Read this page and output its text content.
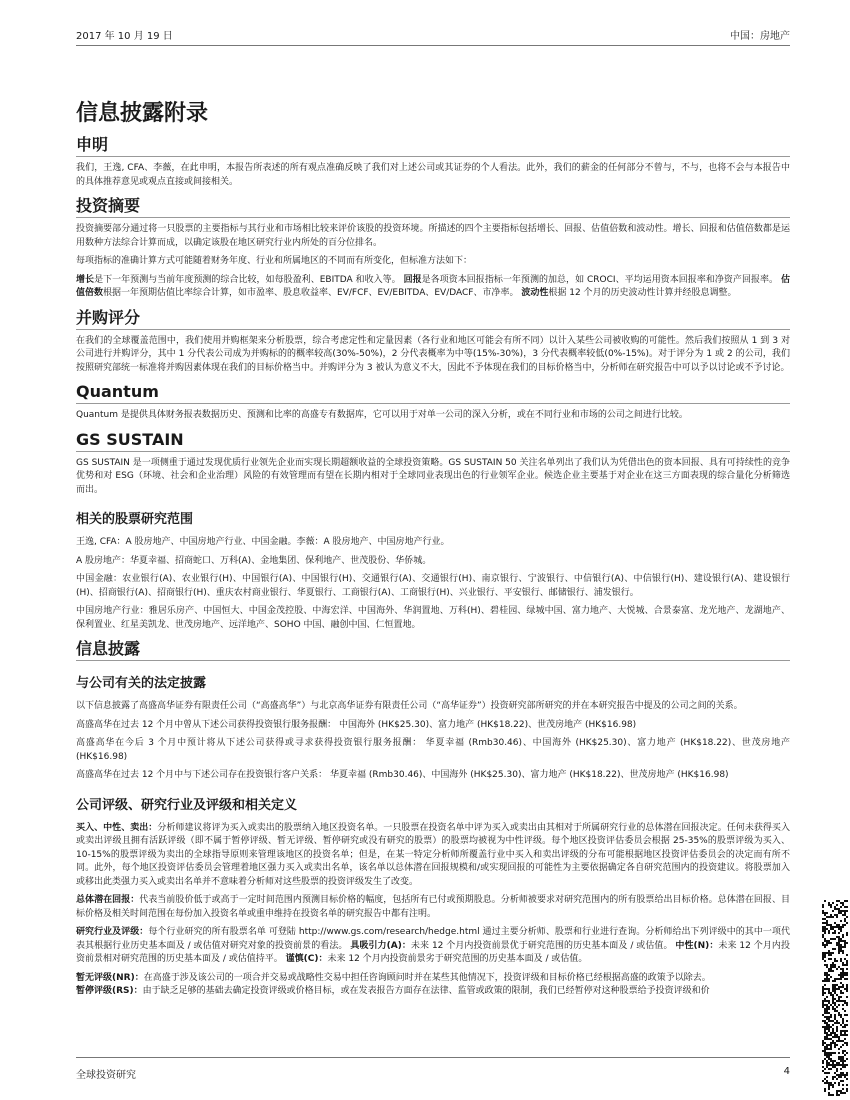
2017 年 10 月 19 日	中国：房地产
信息披露附录
申明

我们，王逸, CFA、李薇，在此申明，本报告所表述的所有观点准确反映了我们对上述公司或其证券的个人看法。此外，我们的薪金的任何部分不曾与，不与，也将不会与本报告中的具体推荐意见或观点直接或间接相关。

投资摘要

投资摘要部分通过将一只股票的主要指标与其行业和市场相比较来评价该股的投资环境。所描述的四个主要指标包括增长、回报、估值倍数和波动性。增长、回报和估值倍数都是运用数种方法综合计算而成，以确定该股在地区研究行业内所处的百分位排名。

每项指标的准确计算方式可能随着财务年度、行业和所属地区的不同而有所变化，但标准方法如下：

增长是下一年预测与当前年度预测的综合比较，如每股盈利、EBITDA 和收入等。 回报是各项资本回报指标一年预测的加总，如 CROCI、平均运用资本回报率和净资产回报率。 估值倍数根据一年预期估值比率综合计算，如市盈率、股息收益率、EV/FCF、EV/EBITDA、EV/DACF、市净率。 波动性根据 12 个月的历史波动性计算并经股息调整。

并购评分

在我们的全球覆盖范围中，我们使用并购框架来分析股票，综合考虑定性和定量因素（各行业和地区可能会有所不同）以计入某些公司被收购的可能性。然后我们按照从 1 到 3 对公司进行并购评分，其中 1 分代表公司成为并购标的的概率较高(30%-50%)，2 分代表概率为中等(15%-30%)，3 分代表概率较低(0%-15%)。对于评分为 1 或 2 的公司，我们按照研究部统一标准将并购因素体现在我们的目标价格当中。并购评分为 3 被认为意义不大，因此不予体现在我们的目标价格当中，分析师在研究报告中可以予以讨论或不予讨论。

Quantum

Quantum 是提供具体财务报表数据历史、预测和比率的高盛专有数据库，它可以用于对单一公司的深入分析，或在不同行业和市场的公司之间进行比较。

GS SUSTAIN

GS SUSTAIN 是一项侧重于通过发现优质行业领先企业而实现长期超额收益的全球投资策略。GS SUSTAIN 50 关注名单列出了我们认为凭借出色的资本回报、具有可持续性的竞争优势和对 ESG（环境、社会和企业治理）风险的有效管理而有望在长期内相对于全球同业表现出色的行业领军企业。候选企业主要基于对企业在这三方面表现的综合量化分析筛选而出。

相关的股票研究范围

王逸, CFA：A 股房地产、中国房地产行业、中国金融。李薇：A 股房地产、中国房地产行业。

A 股房地产：华夏幸福、招商蛇口、万科(A)、金地集团、保利地产、世茂股份、华侨城。

中国金融：农业银行(A)、农业银行(H)、中国银行(A)、中国银行(H)、交通银行(A)、交通银行(H)、南京银行、宁波银行、中信银行(A)、中信银行(H)、建设银行(A)、建设银行(H)、招商银行(A)、招商银行(H)、重庆农村商业银行、华夏银行、工商银行(A)、工商银行(H)、兴业银行、平安银行、邮储银行、浦发银行。

中国房地产行业：雅居乐房产、中国恒大、中国金茂控股、中海宏洋、中国海外、华润置地、万科(H)、碧桂园、绿城中国、富力地产、大悦城、合景泰富、龙光地产、龙湖地产、保利置业、红星美凯龙、世茂房地产、远洋地产、SOHO 中国、融创中国、仁恒置地。

信息披露
与公司有关的法定披露

以下信息披露了高盛高华证券有限责任公司（“高盛高华”）与北京高华证券有限责任公司（“高华证券”）投资研究部所研究的并在本研究报告中提及的公司之间的关系。

高盛高华在过去 12 个月中曾从下述公司获得投资银行服务报酬： 中国海外 (HK$25.30)、富力地产 (HK$18.22)、世茂房地产 (HK$16.98)

高盛高华在今后 3 个月中预计将从下述公司获得或寻求获得投资银行服务报酬： 华夏幸福 (Rmb30.46)、中国海外 (HK$25.30)、富力地产 (HK$18.22)、世茂房地产 (HK$16.98)

高盛高华在过去 12 个月中与下述公司存在投资银行客户关系： 华夏幸福 (Rmb30.46)、中国海外 (HK$25.30)、富力地产 (HK$18.22)、世茂房地产 (HK$16.98)

公司评级、研究行业及评级和相关定义

买入、中性、卖出：分析师建议将评为买入或卖出的股票纳入地区投资名单。一只股票在投资名单中评为买入或卖出由其相对于所属研究行业的总体潜在回报决定。任何未获得买入或卖出评级且拥有活跃评级（即不属于暂停评级、暂无评级、暂停研究或没有研究的股票）的股票均被视为中性评级。每个地区投资评估委员会根据 25-35%的股票评级为买入、10-15%的股票评级为卖出的全球指导原则来管理该地区的投资名单；但是，在某一特定分析师所覆盖行业中买入和卖出评级的分布可能根据地区投资评估委员会的决定而有所不同。此外，每个地区投资评估委员会管理着地区强力买入或卖出名单，该名单以总体潜在回报规模和/或实现回报的可能性为主要依据确定各自研究范围内的投资建议。将股票加入或移出此类强力买入或卖出名单并不意味着分析师对这些股票的投资评级发生了改变。

总体潜在回报：代表当前股价低于或高于一定时间范围内预测目标价格的幅度，包括所有已付或预期股息。分析师被要求对研究范围内的所有股票给出目标价格。总体潜在回报、目标价格及相关时间范围在每份加入投资名单或重申维持在投资名单的研究报告中都有注明。

研究行业及评级：每个行业研究的所有股票名单 可登陆 http://www.gs.com/research/hedge.html 通过主要分析师、股票和行业进行查询。分析师给出下列评级中的其中一项代表其根据行业历史基本面及 / 或估值对研究对象的投资前景的看法。 具吸引力(A)：未来 12 个月内投资前景优于研究范围的历史基本面及 / 或估值。 中性(N)：未来 12 个月内投资前景相对研究范围的历史基本面及 / 或估值持平。 谨慎(C)：未来 12 个月内投资前景劣于研究范围的历史基本面及 / 或估值。

暂无评级(NR)：在高盛于涉及该公司的一项合并交易或战略性交易中担任咨询顾问时并在某些其他情况下，投资评级和目标价格已经根据高盛的政策予以除去。

暂停评级(RS)：由于缺乏足够的基础去确定投资评级或价格目标，或在发表报告方面存在法律、监管或政策的限制，我们已经暂停对这种股票给予投资评级和价

全球投资研究	4
